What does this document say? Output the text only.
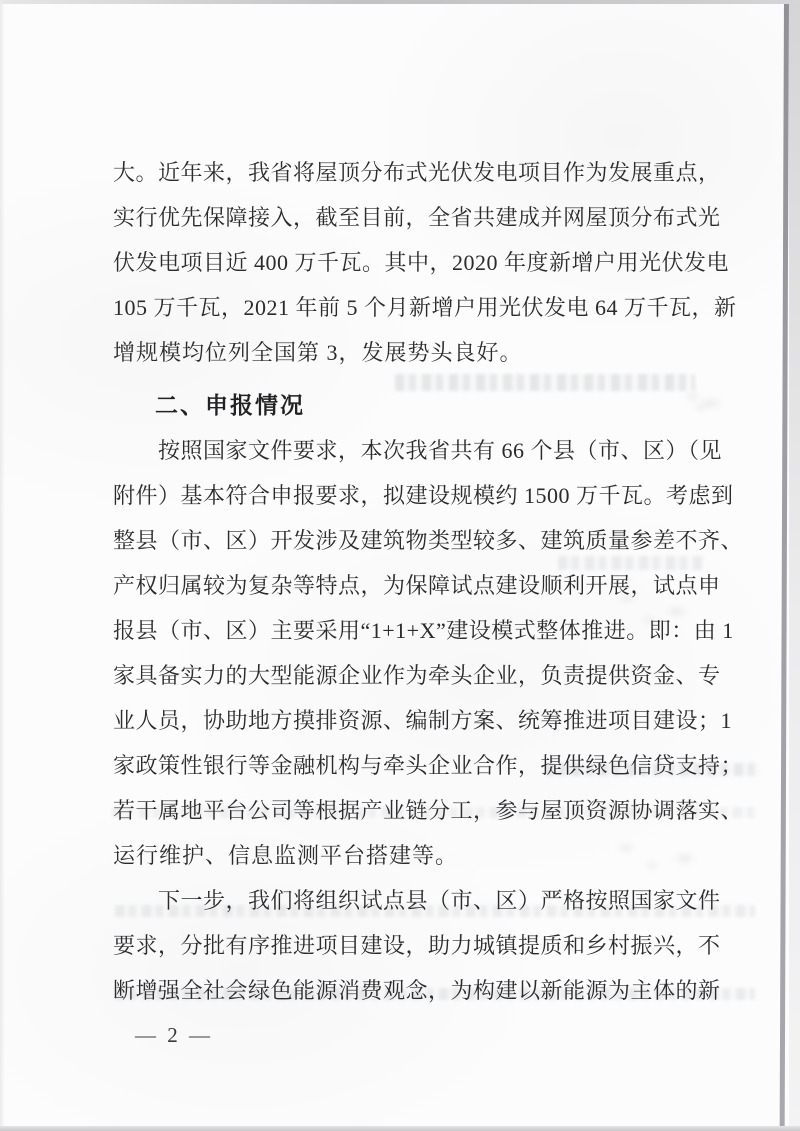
大。近年来，我省将屋顶分布式光伏发电项目作为发展重点，
实行优先保障接入，截至目前，全省共建成并网屋顶分布式光
伏发电项目近 400 万千瓦。其中，2020 年度新增户用光伏发电
105 万千瓦，2021 年前 5 个月新增户用光伏发电 64 万千瓦，新
增规模均位列全国第 3，发展势头良好。
二、申报情况
按照国家文件要求，本次我省共有 66 个县（市、区）（见
附件）基本符合申报要求，拟建设规模约 1500 万千瓦。考虑到
整县（市、区）开发涉及建筑物类型较多、建筑质量参差不齐、
产权归属较为复杂等特点，为保障试点建设顺利开展，试点申
报县（市、区）主要采用“1+1+X”建设模式整体推进。即：由 1
家具备实力的大型能源企业作为牵头企业，负责提供资金、专
业人员，协助地方摸排资源、编制方案、统筹推进项目建设；1
家政策性银行等金融机构与牵头企业合作，提供绿色信贷支持；
若干属地平台公司等根据产业链分工，参与屋顶资源协调落实、
运行维护、信息监测平台搭建等。
下一步，我们将组织试点县（市、区）严格按照国家文件
要求，分批有序推进项目建设，助力城镇提质和乡村振兴，不
断增强全社会绿色能源消费观念，为构建以新能源为主体的新
— 2 —
